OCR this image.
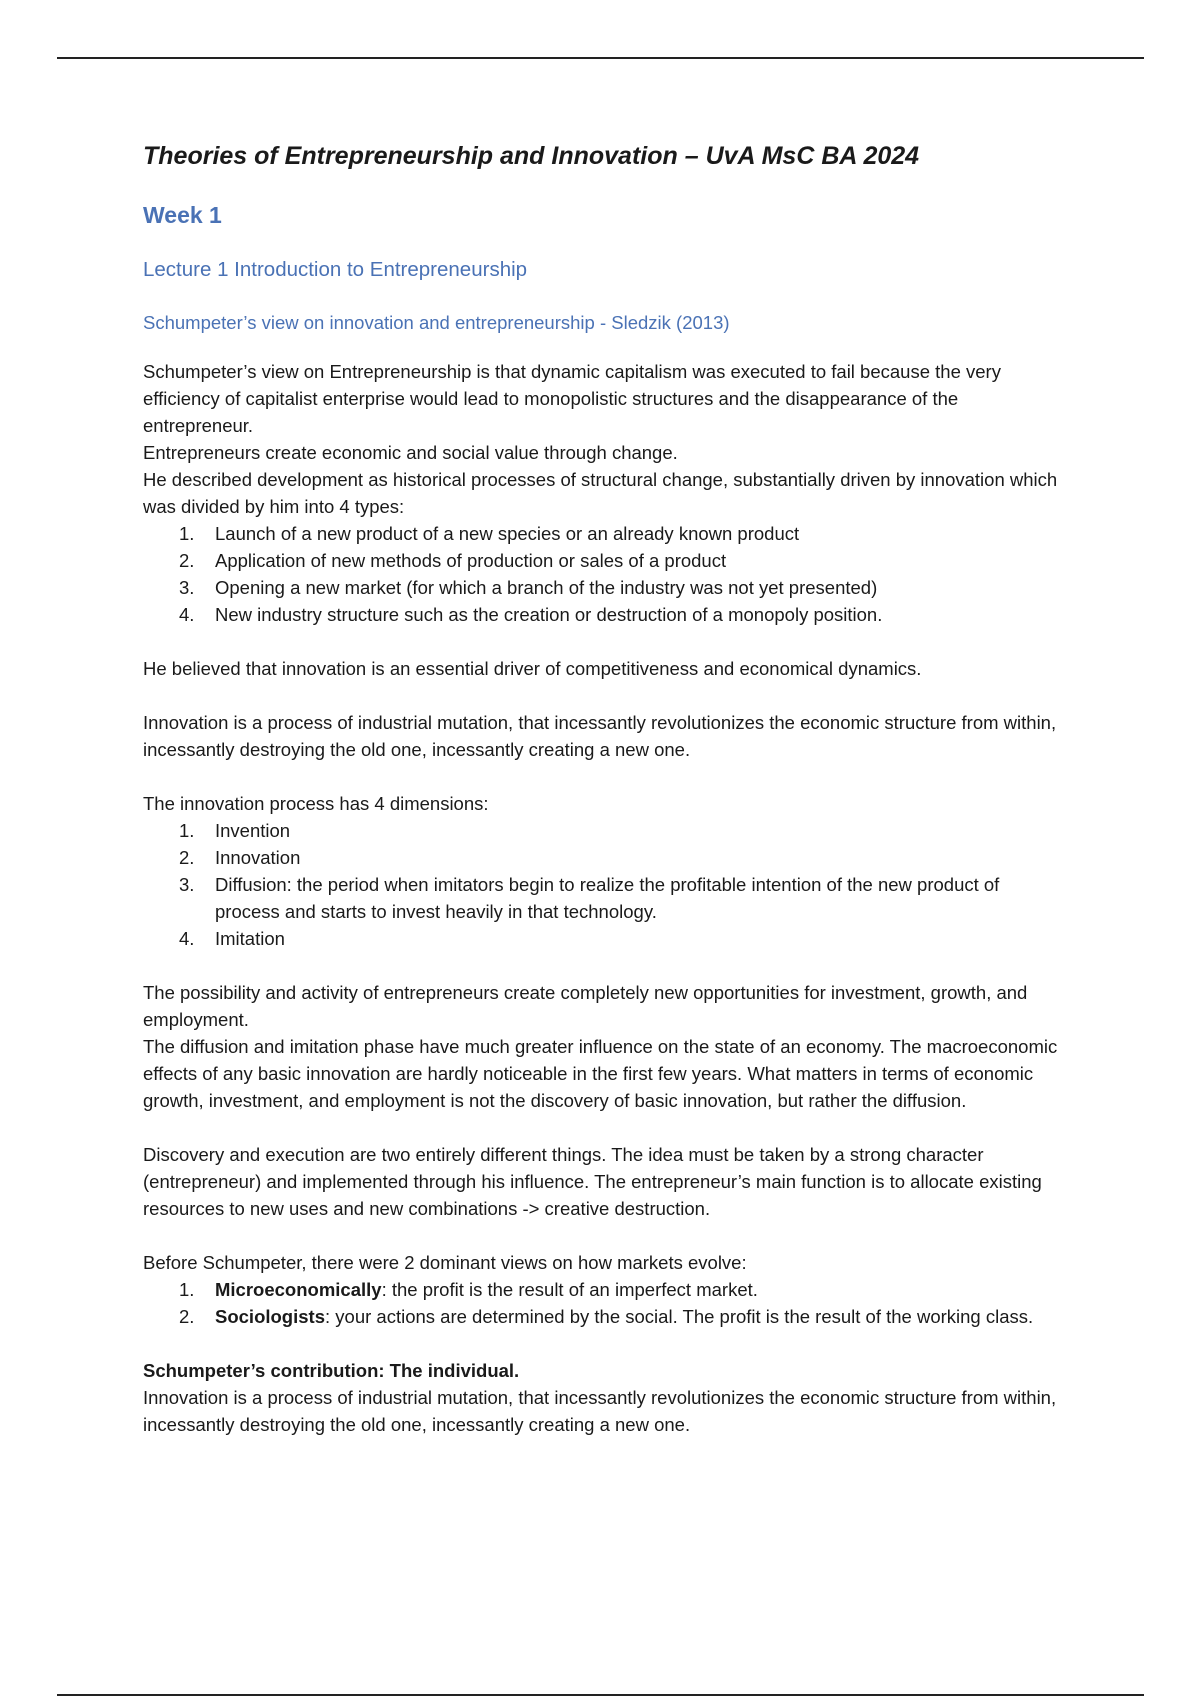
Theories of Entrepreneurship and Innovation – UvA MsC BA 2024
Week 1
Lecture 1 Introduction to Entrepreneurship
Schumpeter’s view on innovation and entrepreneurship - Sledzik (2013)

Schumpeter’s view on Entrepreneurship is that dynamic capitalism was executed to fail because the very efficiency of capitalist enterprise would lead to monopolistic structures and the disappearance of the entrepreneur.

Entrepreneurs create economic and social value through change.

He described development as historical processes of structural change, substantially driven by innovation which was divided by him into 4 types:

1. Launch of a new product of a new species or an already known product
2. Application of new methods of production or sales of a product
3. Opening a new market (for which a branch of the industry was not yet presented)
4. New industry structure such as the creation or destruction of a monopoly position.

He believed that innovation is an essential driver of competitiveness and economical dynamics.

Innovation is a process of industrial mutation, that incessantly revolutionizes the economic structure from within, incessantly destroying the old one, incessantly creating a new one.

The innovation process has 4 dimensions:

1. Invention
2. Innovation
3. Diffusion: the period when imitators begin to realize the profitable intention of the new product of process and starts to invest heavily in that technology.
4. Imitation

The possibility and activity of entrepreneurs create completely new opportunities for investment, growth, and employment.

The diffusion and imitation phase have much greater influence on the state of an economy. The macroeconomic effects of any basic innovation are hardly noticeable in the first few years. What matters in terms of economic growth, investment, and employment is not the discovery of basic innovation, but rather the diffusion.

Discovery and execution are two entirely different things. The idea must be taken by a strong character (entrepreneur) and implemented through his influence. The entrepreneur’s main function is to allocate existing resources to new uses and new combinations -> creative destruction.

Before Schumpeter, there were 2 dominant views on how markets evolve:

1. Microeconomically: the profit is the result of an imperfect market.
2. Sociologists: your actions are determined by the social. The profit is the result of the working class.

Schumpeter’s contribution: The individual.

Innovation is a process of industrial mutation, that incessantly revolutionizes the economic structure from within, incessantly destroying the old one, incessantly creating a new one.
